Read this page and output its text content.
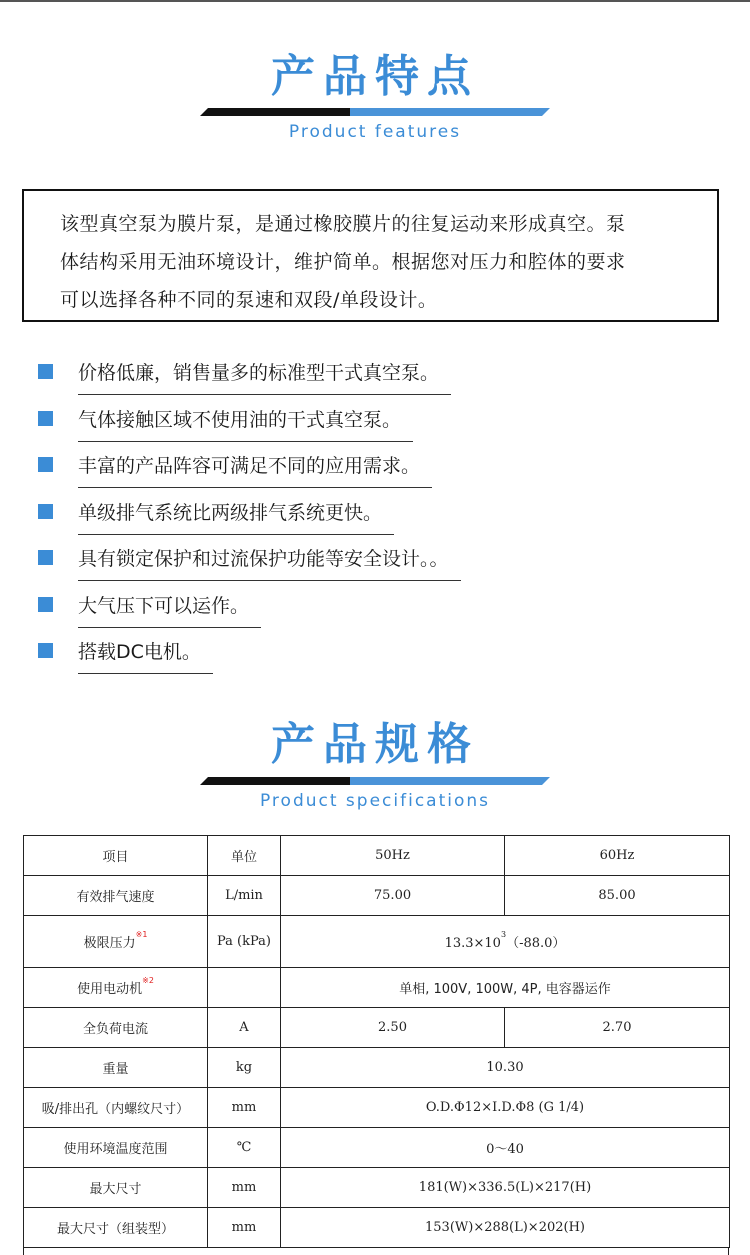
产品特点
Product features

该型真空泵为膜片泵，是通过橡胶膜片的往复运动来形成真空。泵

体结构采用无油环境设计，维护简单。根据您对压力和腔体的要求

可以选择各种不同的泵速和双段/单段设计。

价格低廉，销售量多的标准型干式真空泵。
气体接触区域不使用油的干式真空泵。
丰富的产品阵容可满足不同的应用需求。
单级排气系统比两级排气系统更快。
具有锁定保护和过流保护功能等安全设计。。
大气压下可以运作。
搭载DC电机。
产品规格
Product specifications
项目	单位	50Hz	60Hz
有效排气速度	L/min	75.00	85.00
极限压力$^{※1}$	Pa (kPa)	$13.3\times 10^3(-88.0)$	
使用电动机$^{※2}$		单相, 100V, 100W, 4P, 电容器运作	
全负荷电流	A	2.50	2.70
重量	kg	10.30	
吸/排出孔（内螺纹尺寸）	mm	O.D.Φ12×I.D.Φ8 (G 1/4)	
使用环境温度范围	℃	0～40	
最大尺寸	mm	181(W)×336.5(L)×217(H)	
最大尺寸（组装型）	mm	153(W)×288(L)×202(H)	
